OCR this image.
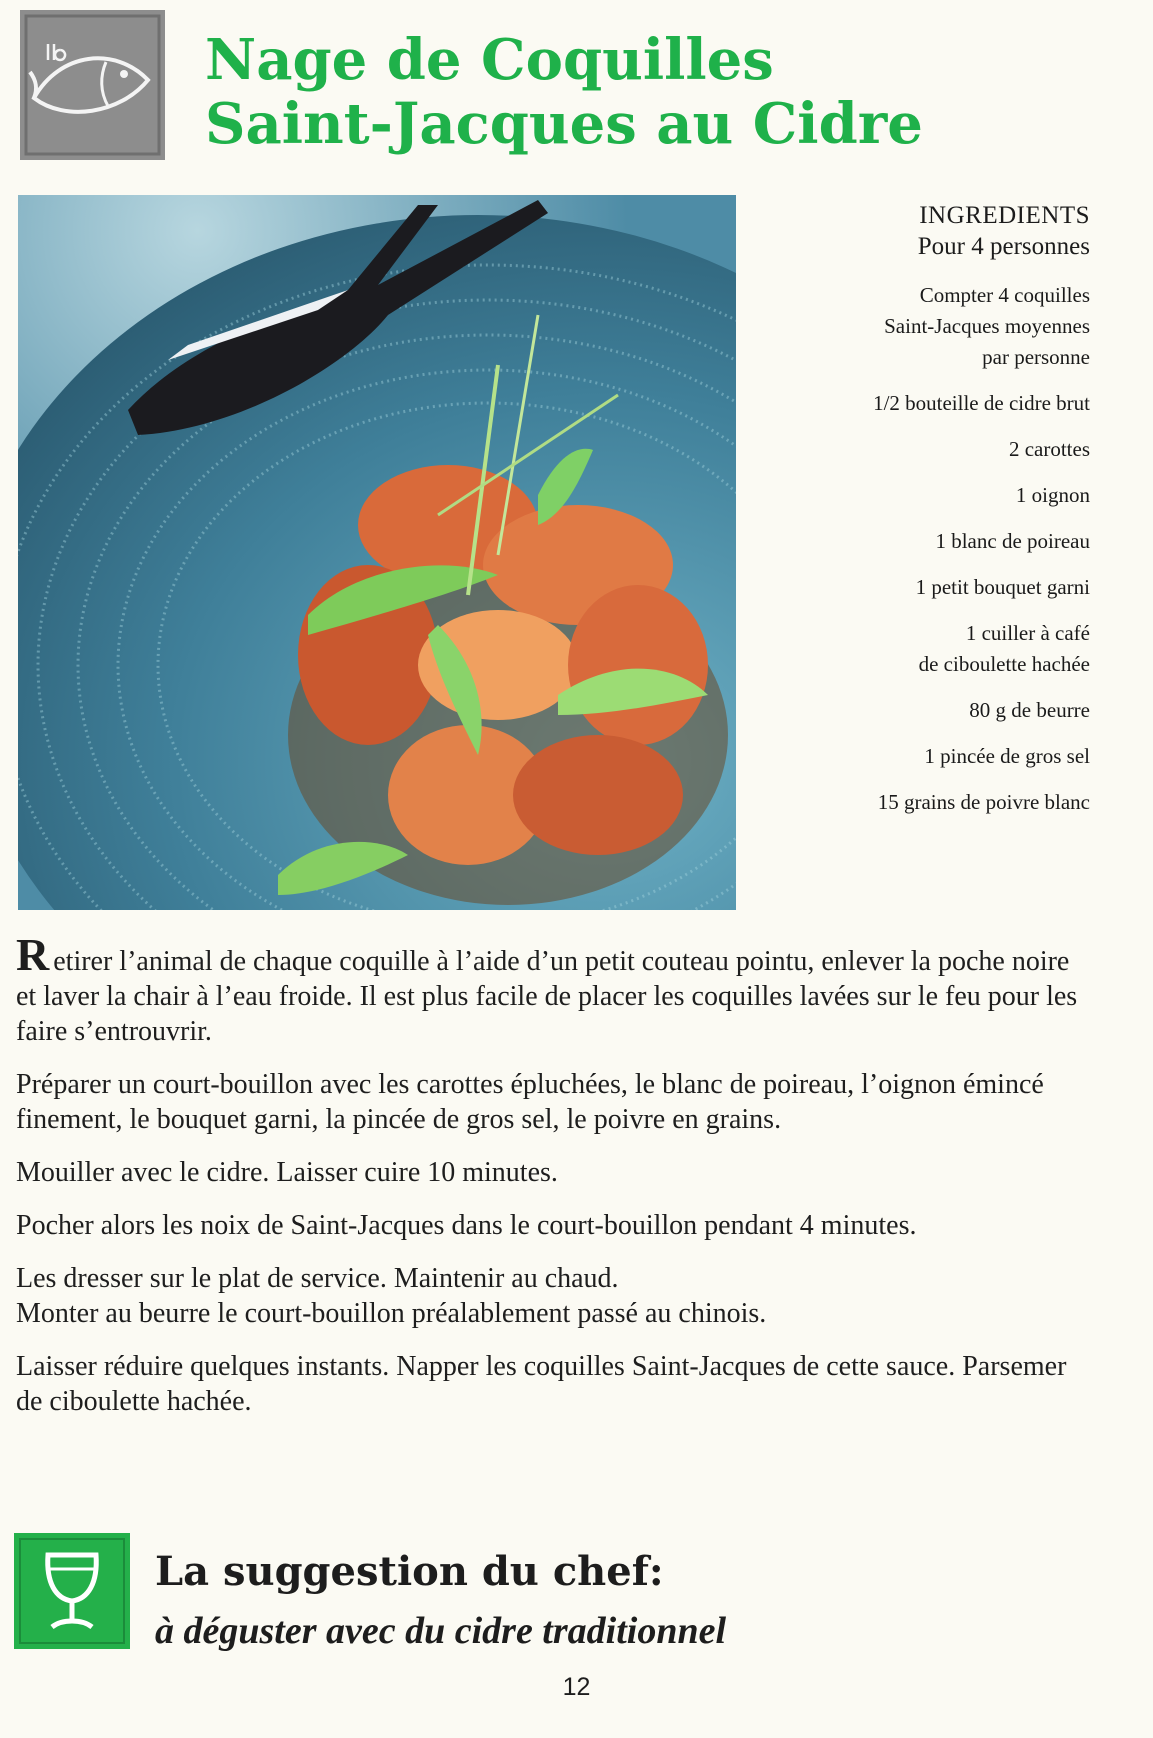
Nage de Coquilles
Saint-Jacques au Cidre

INGREDIENTS

Pour 4 personnes

Compter 4 coquilles
Saint-Jacques moyennes
par personne
1/2 bouteille de cidre brut
2 carottes
1 oignon
1 blanc de poireau
1 petit bouquet garni
1 cuiller à café
de ciboulette hachée
80 g de beurre
1 pincée de gros sel
15 grains de poivre blanc

Retirer l’animal de chaque coquille à l’aide d’un petit couteau pointu, enlever la poche noire et laver la chair à l’eau froide. Il est plus facile de placer les coquilles lavées sur le feu pour les faire s’entrouvrir.

Préparer un court-bouillon avec les carottes épluchées, le blanc de poireau, l’oignon émincé finement, le bouquet garni, la pincée de gros sel, le poivre en grains.

Mouiller avec le cidre. Laisser cuire 10 minutes.

Pocher alors les noix de Saint-Jacques dans le court-bouillon pendant 4 minutes.

Les dresser sur le plat de service. Maintenir au chaud.
Monter au beurre le court-bouillon préalablement passé au chinois.

Laisser réduire quelques instants. Napper les coquilles Saint-Jacques de cette sauce. Parsemer de ciboulette hachée.

La suggestion du chef:

à déguster avec du cidre traditionnel

12
